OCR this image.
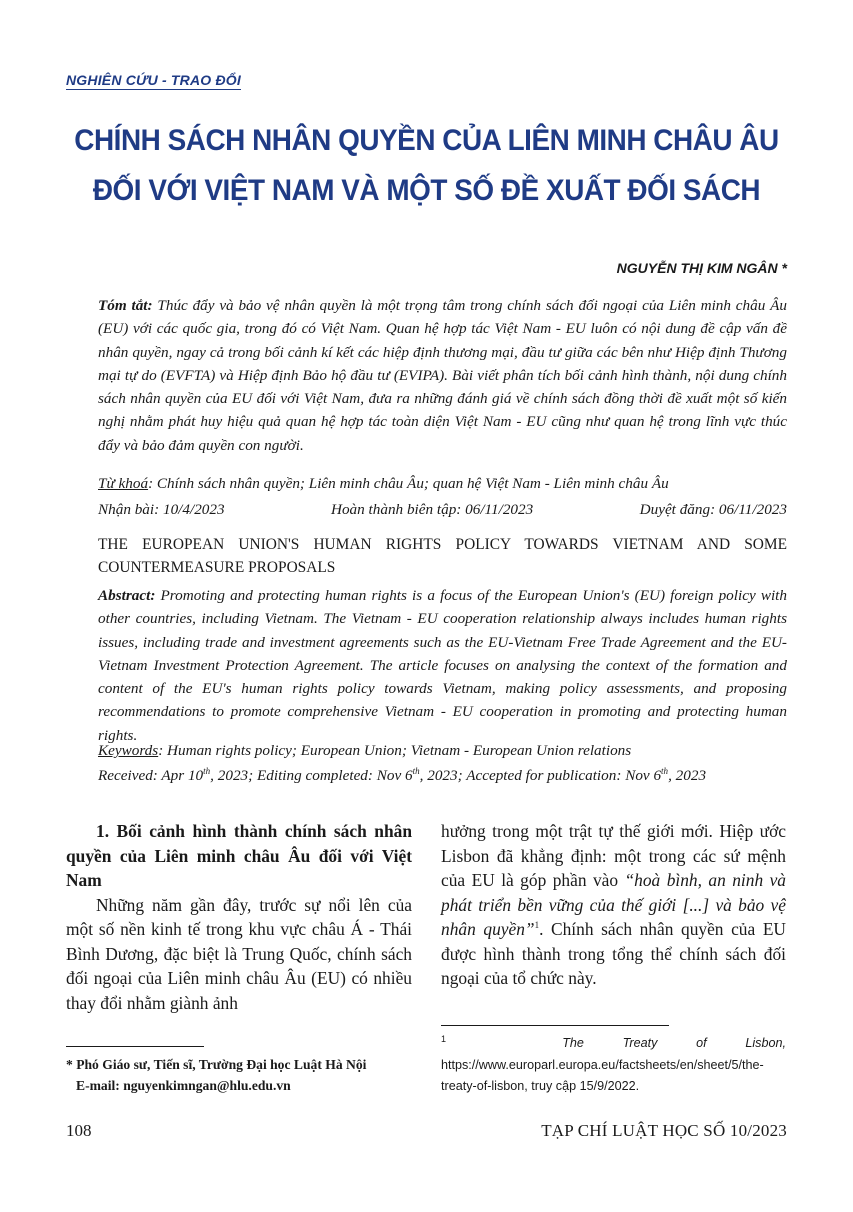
NGHIÊN CỨU - TRAO ĐỔI
CHÍNH SÁCH NHÂN QUYỀN CỦA LIÊN MINH CHÂU ÂU
ĐỐI VỚI VIỆT NAM VÀ MỘT SỐ ĐỀ XUẤT ĐỐI SÁCH
NGUYỄN THỊ KIM NGÂN *
Tóm tắt: Thúc đẩy và bảo vệ nhân quyền là một trọng tâm trong chính sách đối ngoại của Liên minh châu Âu (EU) với các quốc gia, trong đó có Việt Nam. Quan hệ hợp tác Việt Nam - EU luôn có nội dung đề cập vấn đề nhân quyền, ngay cả trong bối cảnh kí kết các hiệp định thương mại, đầu tư giữa các bên như Hiệp định Thương mại tự do (EVFTA) và Hiệp định Bảo hộ đầu tư (EVIPA). Bài viết phân tích bối cảnh hình thành, nội dung chính sách nhân quyền của EU đối với Việt Nam, đưa ra những đánh giá về chính sách đồng thời đề xuất một số kiến nghị nhằm phát huy hiệu quả quan hệ hợp tác toàn diện Việt Nam - EU cũng như quan hệ trong lĩnh vực thúc đẩy và bảo đảm quyền con người.
Từ khoá: Chính sách nhân quyền; Liên minh châu Âu; quan hệ Việt Nam - Liên minh châu Âu
Nhận bài: 10/4/2023	Hoàn thành biên tập: 06/11/2023	Duyệt đăng: 06/11/2023
THE EUROPEAN UNION'S HUMAN RIGHTS POLICY TOWARDS VIETNAM AND SOME COUNTERMEASURE PROPOSALS
Abstract: Promoting and protecting human rights is a focus of the European Union's (EU) foreign policy with other countries, including Vietnam. The Vietnam - EU cooperation relationship always includes human rights issues, including trade and investment agreements such as the EU-Vietnam Free Trade Agreement and the EU-Vietnam Investment Protection Agreement. The article focuses on analysing the context of the formation and content of the EU's human rights policy towards Vietnam, making policy assessments, and proposing recommendations to promote comprehensive Vietnam - EU cooperation in promoting and protecting human rights.
Keywords: Human rights policy; European Union; Vietnam - European Union relations
Received: Apr 10th, 2023; Editing completed: Nov 6th, 2023; Accepted for publication: Nov 6th, 2023
1. Bối cảnh hình thành chính sách nhân quyền của Liên minh châu Âu đối với Việt Nam
Những năm gần đây, trước sự nổi lên của một số nền kinh tế trong khu vực châu Á - Thái Bình Dương, đặc biệt là Trung Quốc, chính sách đối ngoại của Liên minh châu Âu (EU) có nhiều thay đổi nhằm giành ảnh
hưởng trong một trật tự thế giới mới. Hiệp ước Lisbon đã khẳng định: một trong các sứ mệnh của EU là góp phần vào “hoà bình, an ninh và phát triển bền vững của thế giới [...] và bảo vệ nhân quyền”$^1$. Chính sách nhân quyền của EU được hình thành trong tổng thể chính sách đối ngoại của tổ chức này.
* Phó Giáo sư, Tiến sĩ, Trường Đại học Luật Hà Nội
E-mail: nguyenkimngan@hlu.edu.vn
$^1$	The Treaty of Lisbon, https://www.europarl.europa.eu/factsheets/en/sheet/5/the-treaty-of-lisbon, truy cập 15/9/2022.
108	TẠP CHÍ LUẬT HỌC SỐ 10/2023
